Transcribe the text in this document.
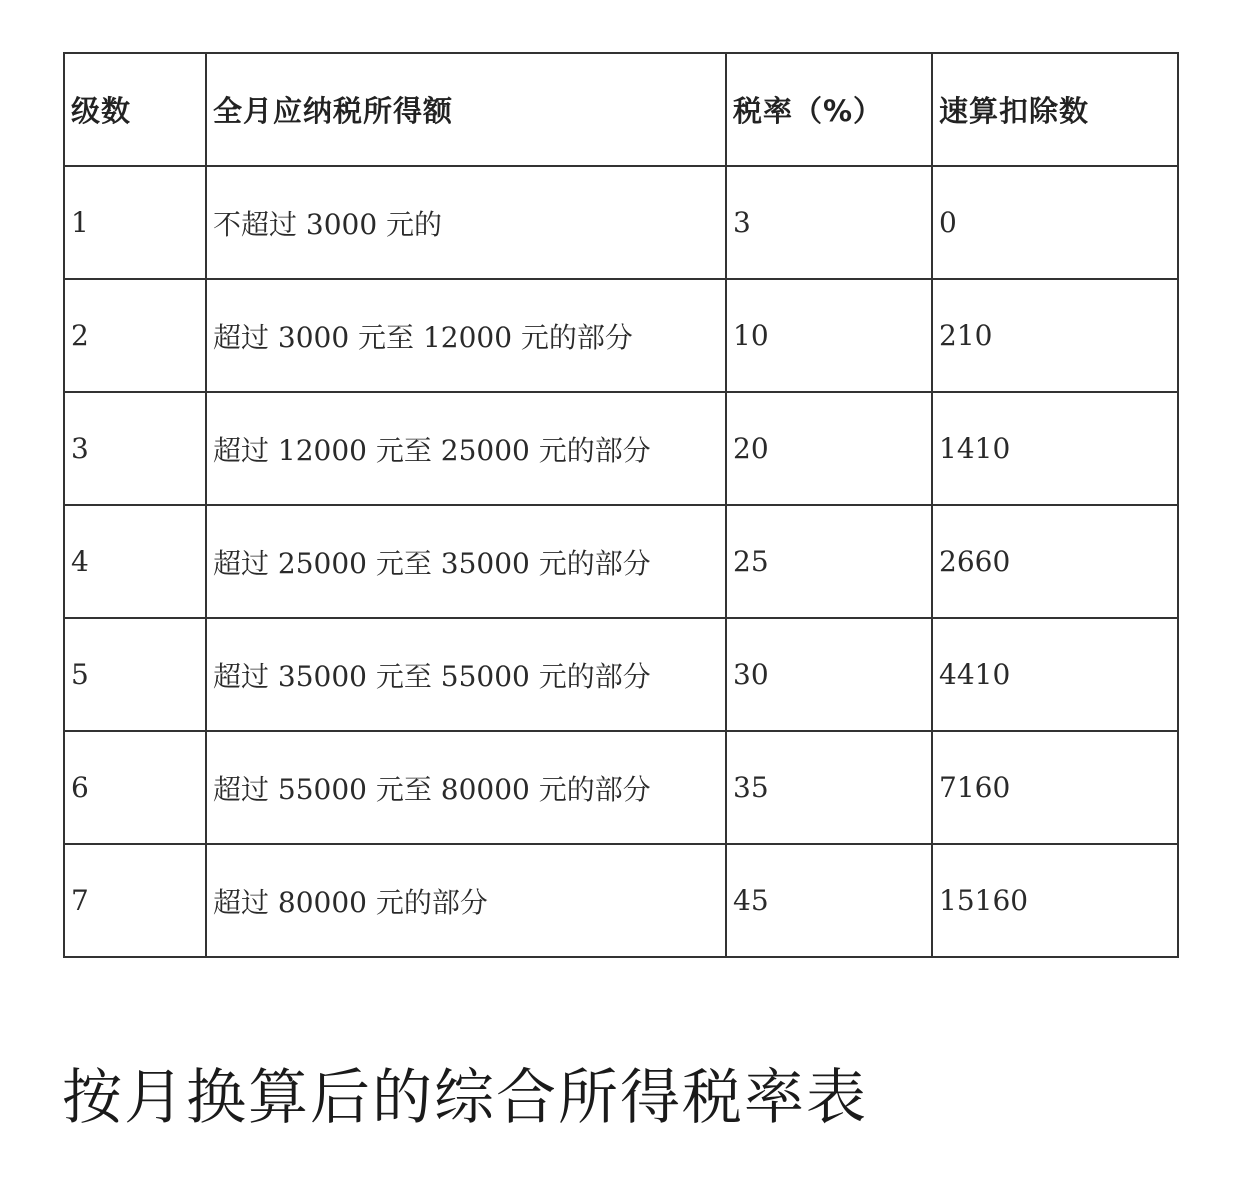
级数	全月应纳税所得额	税率（%）	速算扣除数
1	不超过 3000 元的	3	0
2	超过 3000 元至 12000 元的部分	10	210
3	超过 12000 元至 25000 元的部分	20	1410
4	超过 25000 元至 35000 元的部分	25	2660
5	超过 35000 元至 55000 元的部分	30	4410
6	超过 55000 元至 80000 元的部分	35	7160
7	超过 80000 元的部分	45	15160

按月换算后的综合所得税率表
